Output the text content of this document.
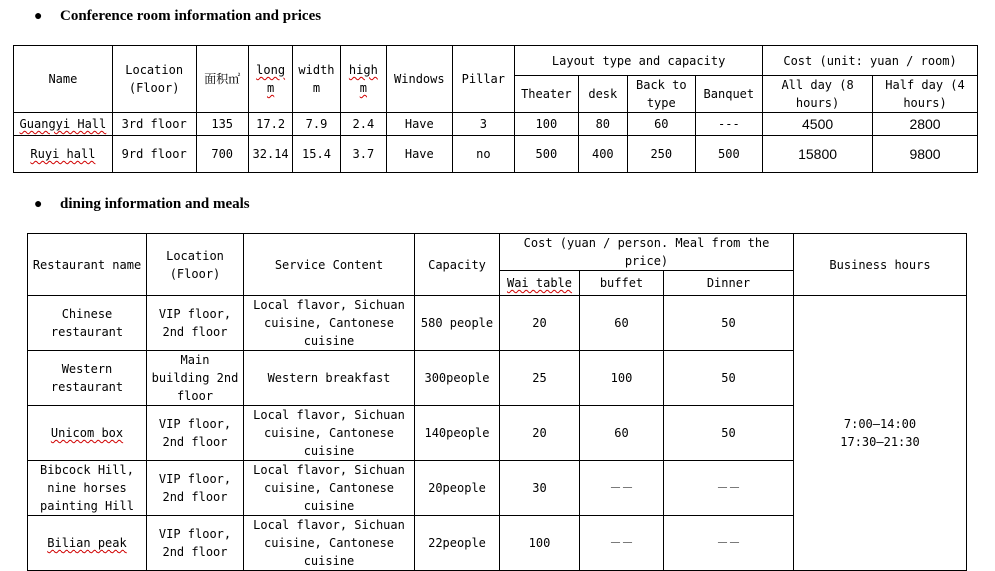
● Conference room information and prices
Name	Location (Floor)	面积㎡	long m	width m	high m	Windows	Pillar	Layout type and capacity				Cost (unit: yuan / room)	
								Theater	desk	Back to type	Banquet	All day (8 hours)	Half day (4 hours)
Guangyi Hall	3rd floor	135	17.2	7.9	2.4	Have	3	100	80	60	---	4500	2800
Ruyi hall	9rd floor	700	32.14	15.4	3.7	Have	no	500	400	250	500	15800	9800
● dining information and meals
Restaurant name	Location (Floor)	Service Content	Capacity	Cost (yuan / person. Meal from the price)			Business hours
				Wai table	buffet	Dinner	
Chinese restaurant	VIP floor, 2nd floor	Local flavor, Sichuan cuisine, Cantonese cuisine	580 people	20	60	50	7:00—14:00
17:30—21:30

Western restaurant	Main building 2nd floor	Western breakfast	300people	25	100	50	
Unicom box	VIP floor, 2nd floor	Local flavor, Sichuan cuisine, Cantonese cuisine	140people	20	60	50	
Bibcock Hill, nine horses painting Hill	VIP floor, 2nd floor	Local flavor, Sichuan cuisine, Cantonese cuisine	20people	30	－－	－－	
Bilian peak	VIP floor, 2nd floor	Local flavor, Sichuan cuisine, Cantonese cuisine	22people	100	－－	－－	
